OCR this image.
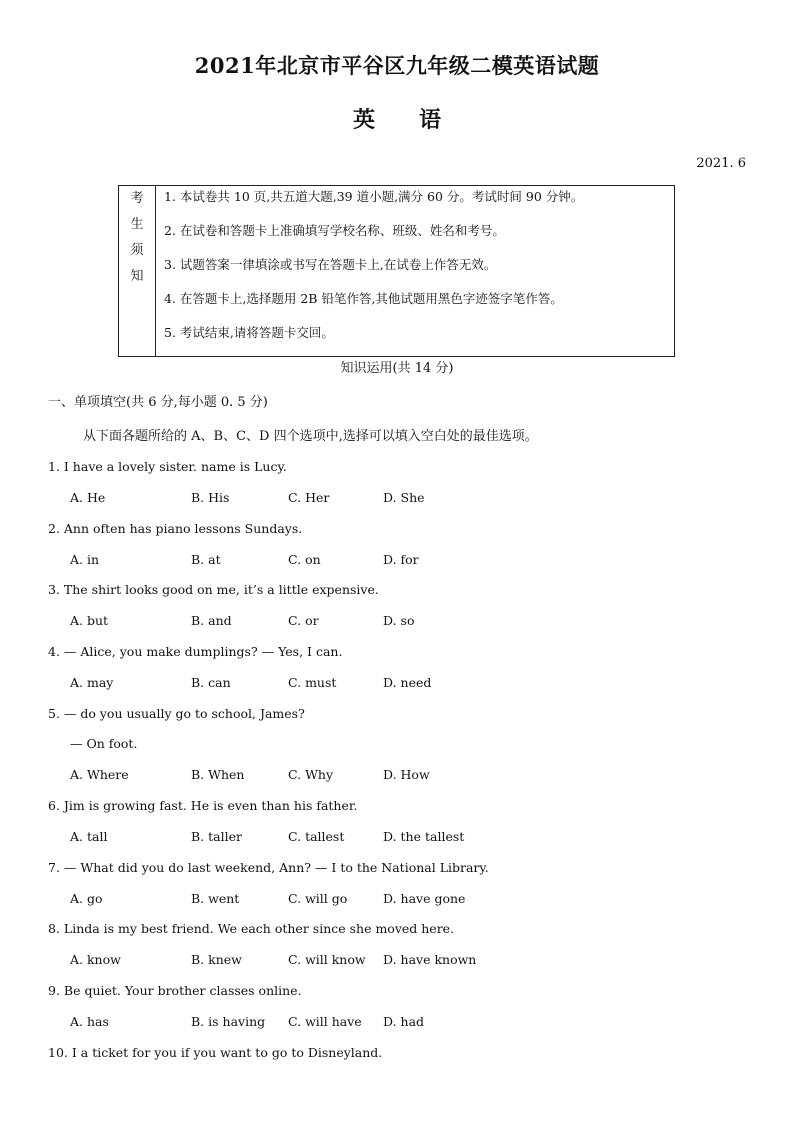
2021年北京市平谷区九年级二模英语试题
英　　语
2021. 6
考
生
须
知

1. 本试卷共 10 页,共五道大题,39 道小题,满分 60 分。考试时间 90 分钟。
2. 在试卷和答题卡上准确填写学校名称、班级、姓名和考号。
3. 试题答案一律填涂或书写在答题卡上,在试卷上作答无效。
4. 在答题卡上,选择题用 2B 铅笔作答,其他试题用黑色字迹签字笔作答。
5. 考试结束,请将答题卡交回。
知识运用(共 14 分)
一、单项填空(共 6 分,每小题 0. 5 分)
从下面各题所给的 A、B、C、D 四个选项中,选择可以填入空白处的最佳选项。
1. I have a lovely sister. name is Lucy.
A. He	B. His	C. Her	D. She
2. Ann often has piano lessons Sundays.
A. in	B. at	C. on	D. for
3. The shirt looks good on me, it’s a little expensive.
A. but	B. and	C. or	D. so
4. — Alice, you make dumplings? — Yes, I can.
A. may	B. can	C. must	D. need
5. — do you usually go to school, James?
— On foot.
A. Where	B. When	C. Why	D. How
6. Jim is growing fast. He is even than his father.
A. tall	B. taller	C. tallest	D. the tallest
7. — What did you do last weekend, Ann? — I to the National Library.
A. go	B. went	C. will go	D. have gone
8. Linda is my best friend. We each other since she moved here.
A. know	B. knew	C. will know D. have known
9. Be quiet. Your brother classes online.
A. has	B. is having C. will have D. had
10. I a ticket for you if you want to go to Disneyland.
